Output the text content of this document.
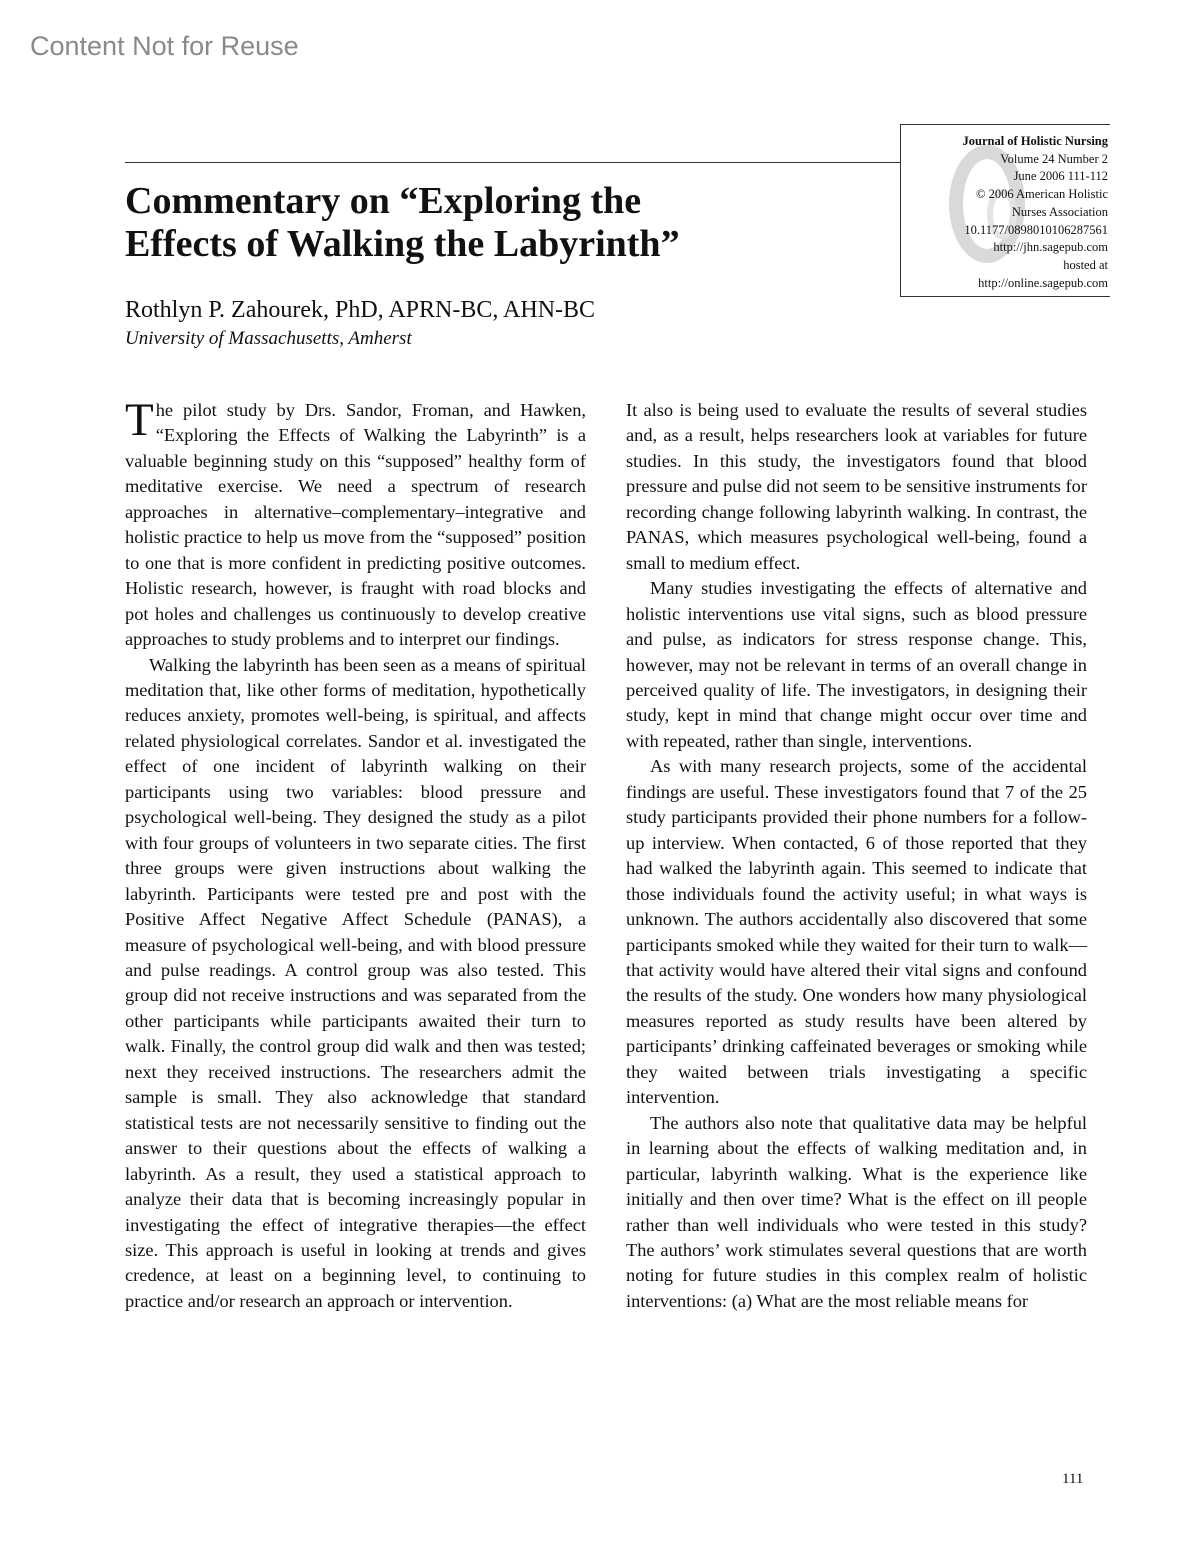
Content Not for Reuse
Journal of Holistic Nursing
Volume 24 Number 2
June 2006 111-112
© 2006 American Holistic
Nurses Association
10.1177/0898010106287561
http://jhn.sagepub.com
hosted at
http://online.sagepub.com
Commentary on “Exploring the
Effects of Walking the Labyrinth”
Rothlyn P. Zahourek, PhD, APRN-BC, AHN-BC
University of Massachusetts, Amherst

The pilot study by Drs. Sandor, Froman, and Hawken, “Exploring the Effects of Walking the Labyrinth” is a valuable beginning study on this “supposed” healthy form of meditative exercise. We need a spectrum of research approaches in alternative–complementary–integrative and holistic practice to help us move from the “supposed” position to one that is more confident in predicting positive outcomes. Holistic research, however, is fraught with road blocks and pot holes and challenges us continuously to develop creative approaches to study problems and to interpret our findings.

Walking the labyrinth has been seen as a means of spiritual meditation that, like other forms of meditation, hypothetically reduces anxiety, promotes well-being, is spiritual, and affects related physiological correlates. Sandor et al. investigated the effect of one incident of labyrinth walking on their participants using two variables: blood pressure and psychological well-being. They designed the study as a pilot with four groups of volunteers in two separate cities. The first three groups were given instructions about walking the labyrinth. Participants were tested pre and post with the Positive Affect Negative Affect Schedule (PANAS), a measure of psychological well-being, and with blood pressure and pulse readings. A control group was also tested. This group did not receive instructions and was separated from the other participants while participants awaited their turn to walk. Finally, the control group did walk and then was tested; next they received instructions. The researchers admit the sample is small. They also acknowledge that standard statistical tests are not necessarily sensitive to finding out the answer to their questions about the effects of walking a labyrinth. As a result, they used a statistical approach to analyze their data that is becoming increasingly popular in investigating the effect of integrative therapies—the effect size. This approach is useful in looking at trends and gives credence, at least on a beginning level, to continuing to practice and/or research an approach or intervention.

It also is being used to evaluate the results of several studies and, as a result, helps researchers look at variables for future studies. In this study, the investigators found that blood pressure and pulse did not seem to be sensitive instruments for recording change following labyrinth walking. In contrast, the PANAS, which measures psychological well-being, found a small to medium effect.

Many studies investigating the effects of alternative and holistic interventions use vital signs, such as blood pressure and pulse, as indicators for stress response change. This, however, may not be relevant in terms of an overall change in perceived quality of life. The investigators, in designing their study, kept in mind that change might occur over time and with repeated, rather than single, interventions.

As with many research projects, some of the accidental findings are useful. These investigators found that 7 of the 25 study participants provided their phone numbers for a follow-up interview. When contacted, 6 of those reported that they had walked the labyrinth again. This seemed to indicate that those individuals found the activity useful; in what ways is unknown. The authors accidentally also discovered that some participants smoked while they waited for their turn to walk—that activity would have altered their vital signs and confound the results of the study. One wonders how many physiological measures reported as study results have been altered by participants’ drinking caffeinated beverages or smoking while they waited between trials investigating a specific intervention.

The authors also note that qualitative data may be helpful in learning about the effects of walking meditation and, in particular, labyrinth walking. What is the experience like initially and then over time? What is the effect on ill people rather than well individuals who were tested in this study? The authors’ work stimulates several questions that are worth noting for future studies in this complex realm of holistic interventions: (a) What are the most reliable means for

111
